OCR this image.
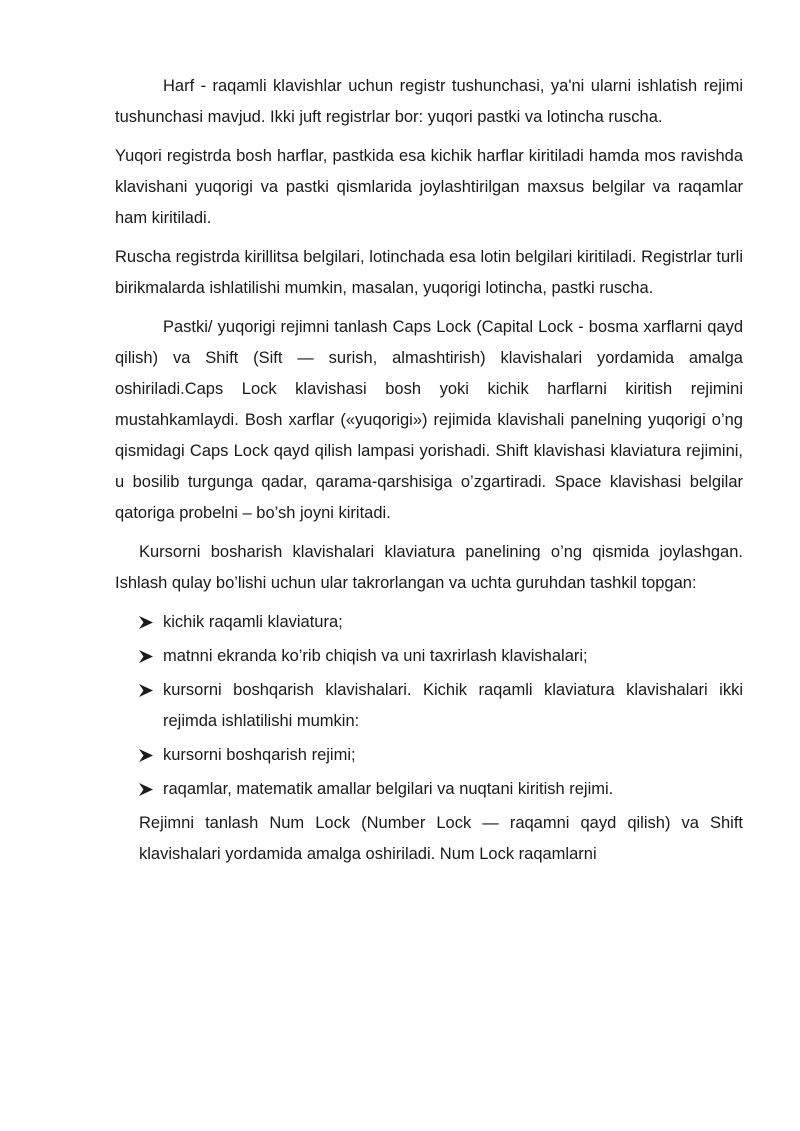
Harf - raqamli klavishlar uchun registr tushunchasi, ya'ni ularni ishlatish rejimi tushunchasi mavjud. Ikki juft registrlar bor: yuqori pastki va lotincha ruscha.

Yuqori registrda bosh harflar, pastkida esa kichik harflar kiritiladi hamda mos ravishda klavishani yuqorigi va pastki qismlarida joylashtirilgan maxsus belgilar va raqamlar ham kiritiladi.

Ruscha registrda kirillitsa belgilari, lotinchada esa lotin belgilari kiritiladi. Registrlar turli birikmalarda ishlatilishi mumkin, masalan, yuqorigi lotincha, pastki ruscha.

Pastki/ yuqorigi rejimni tanlash Caps Lock (Capital Lock - bosma xarflarni qayd qilish) va Shift (Sift — surish, almashtirish) klavishalari yordamida amalga oshiriladi.Caps Lock klavishasi bosh yoki kichik harflarni kiritish rejimini mustahkamlaydi. Bosh xarflar («yuqorigi») rejimida klavishali panelning yuqorigi o’ng qismidagi Caps Lock qayd qilish lampasi yorishadi. Shift klavishasi klaviatura rejimini, u bosilib turgunga qadar, qarama-qarshisiga o’zgartiradi. Space klavishasi belgilar qatoriga probelni – bo’sh joyni kiritadi.

Kursorni bosharish klavishalari klaviatura panelining o’ng qismida joylashgan. Ishlash qulay bo’lishi uchun ular takrorlangan va uchta guruhdan tashkil topgan:

kichik raqamli klaviatura;
matnni ekranda ko’rib chiqish va uni taxrirlash klavishalari;
kursorni boshqarish klavishalari. Kichik raqamli klaviatura klavishalari ikki rejimda ishlatilishi mumkin:
kursorni boshqarish rejimi;
raqamlar, matematik amallar belgilari va nuqtani kiritish rejimi.

Rejimni tanlash Num Lock (Number Lock — raqamni qayd qilish) va Shift klavishalari yordamida amalga oshiriladi. Num Lock raqamlarni
